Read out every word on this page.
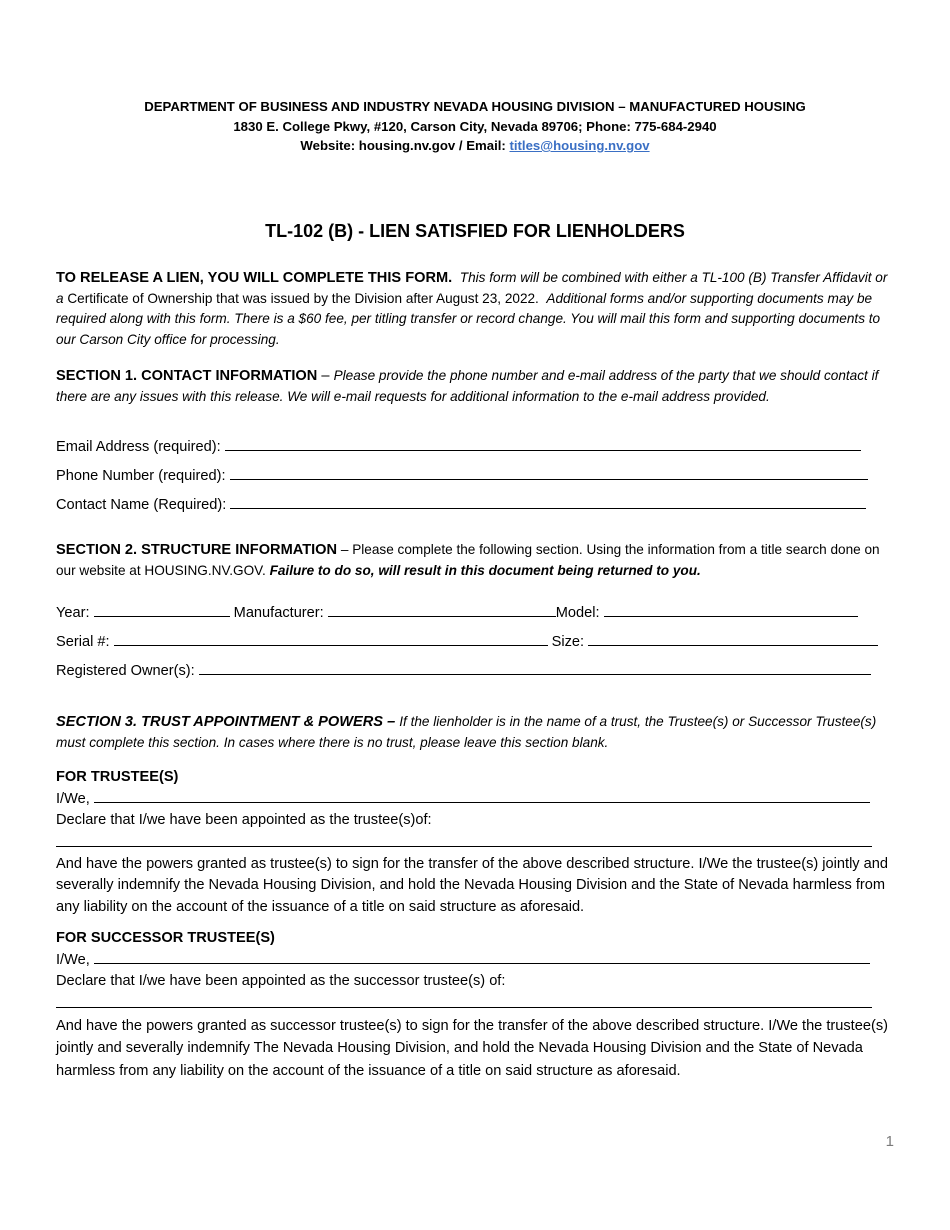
DEPARTMENT OF BUSINESS AND INDUSTRY NEVADA HOUSING DIVISION – MANUFACTURED HOUSING
1830 E. College Pkwy, #120, Carson City, Nevada 89706; Phone: 775-684-2940
Website: housing.nv.gov / Email: titles@housing.nv.gov
TL-102 (B) - LIEN SATISFIED FOR LIENHOLDERS
TO RELEASE A LIEN, YOU WILL COMPLETE THIS FORM. This form will be combined with either a TL-100 (B) Transfer Affidavit or a Certificate of Ownership that was issued by the Division after August 23, 2022. Additional forms and/or supporting documents may be required along with this form. There is a $60 fee, per titling transfer or record change. You will mail this form and supporting documents to our Carson City office for processing.
SECTION 1. CONTACT INFORMATION – Please provide the phone number and e-mail address of the party that we should contact if there are any issues with this release. We will e-mail requests for additional information to the e-mail address provided.
Email Address (required):
Phone Number (required):
Contact Name (Required):
SECTION 2. STRUCTURE INFORMATION – Please complete the following section. Using the information from a title search done on our website at HOUSING.NV.GOV. Failure to do so, will result in this document being returned to you.
Year:	Manufacturer:	Model:
Serial #:	Size:
Registered Owner(s):
SECTION 3. TRUST APPOINTMENT & POWERS – If the lienholder is in the name of a trust, the Trustee(s) or Successor Trustee(s) must complete this section. In cases where there is no trust, please leave this section blank.
FOR TRUSTEE(S)
I/We,
Declare that I/we have been appointed as the trustee(s)of:
And have the powers granted as trustee(s) to sign for the transfer of the above described structure. I/We the trustee(s) jointly and severally indemnify the Nevada Housing Division, and hold the Nevada Housing Division and the State of Nevada harmless from any liability on the account of the issuance of a title on said structure as aforesaid.
FOR SUCCESSOR TRUSTEE(S)
I/We,
Declare that I/we have been appointed as the successor trustee(s) of:
And have the powers granted as successor trustee(s) to sign for the transfer of the above described structure. I/We the trustee(s) jointly and severally indemnify The Nevada Housing Division, and hold the Nevada Housing Division and the State of Nevada harmless from any liability on the account of the issuance of a title on said structure as aforesaid.
1
